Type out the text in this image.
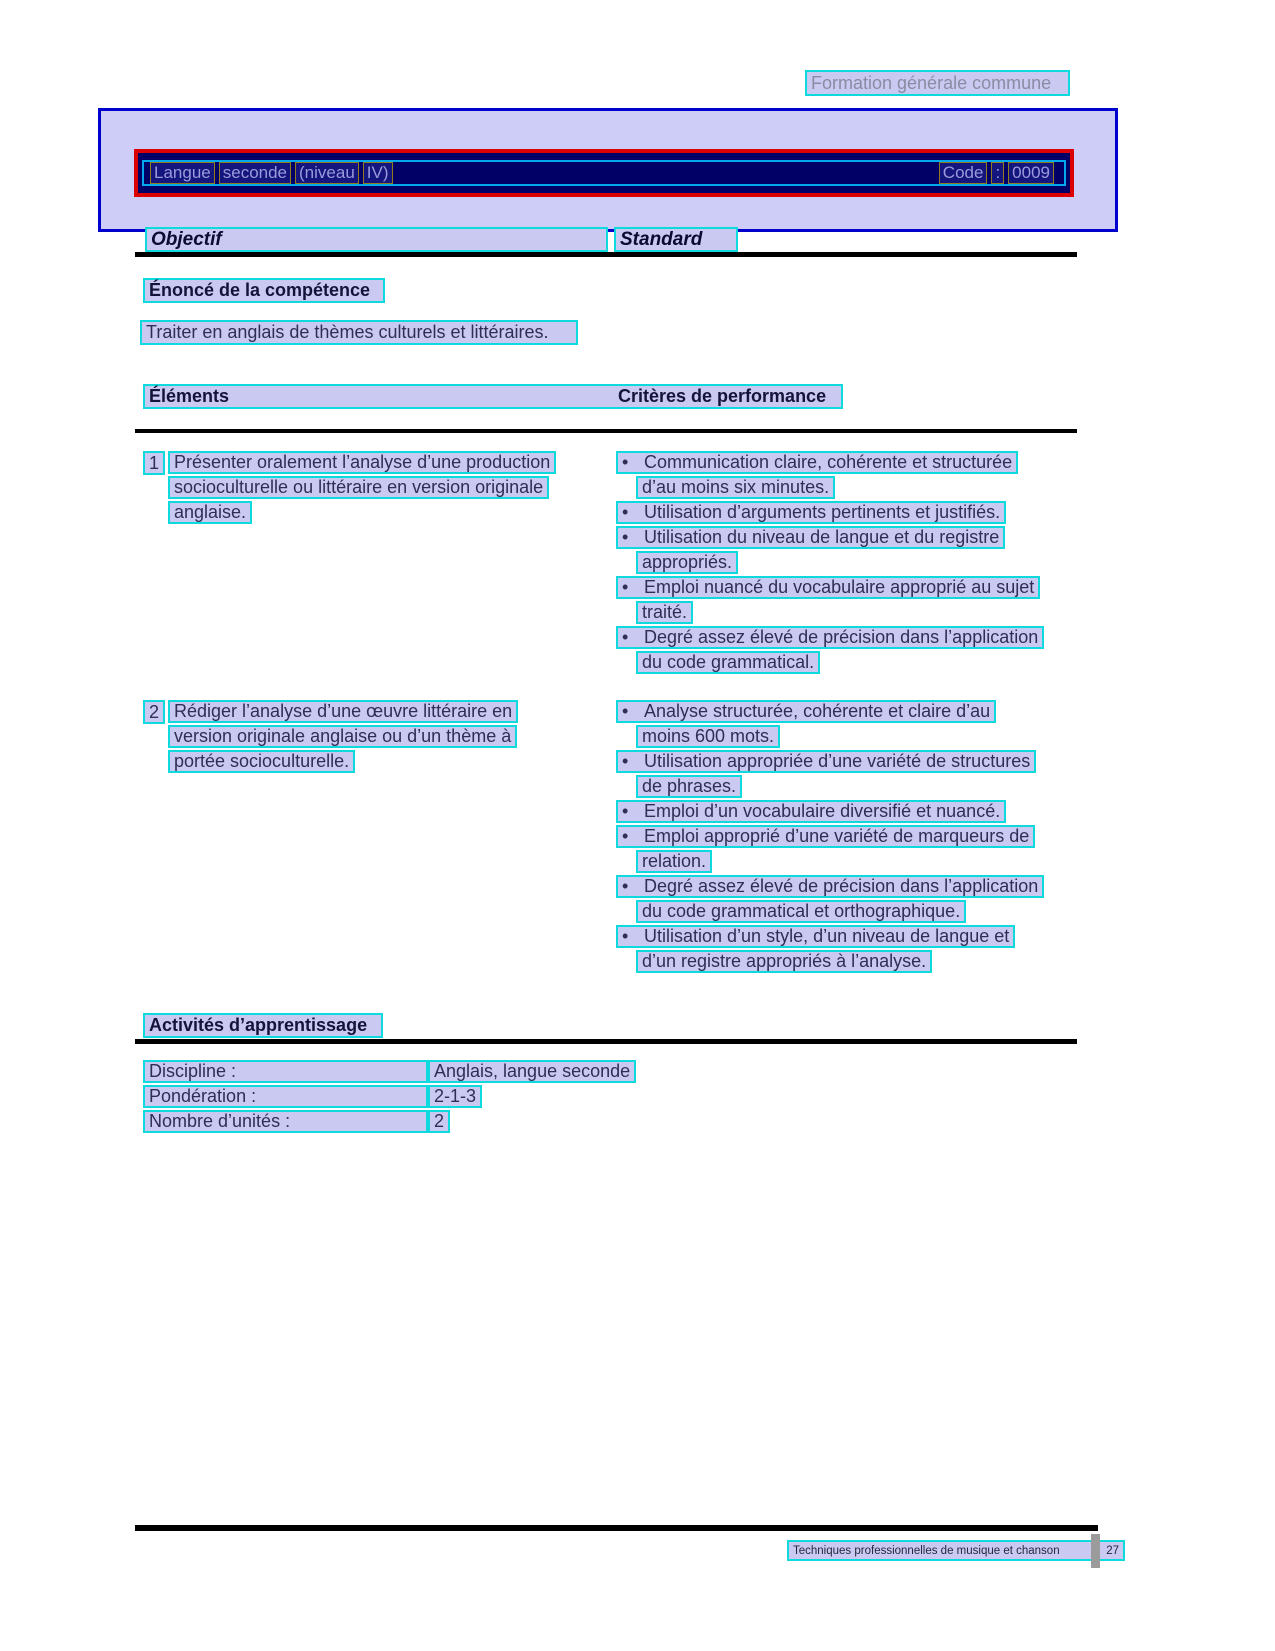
Formation générale commune
Langue seconde (niveau IV)	Code : 0009
Objectif	Standard
Énoncé de la compétence
Traiter en anglais de thèmes culturels et littéraires.
Éléments	Critères de performance
1 Présenter oralement l’analyse d’une production
socioculturelle ou littéraire en version originale
anglaise.
• Communication claire, cohérente et structurée
d’au moins six minutes.
• Utilisation d’arguments pertinents et justifiés.
• Utilisation du niveau de langue et du registre
appropriés.
• Emploi nuancé du vocabulaire approprié au sujet
traité.
• Degré assez élevé de précision dans l’application
du code grammatical.
2 Rédiger l’analyse d’une œuvre littéraire en
version originale anglaise ou d’un thème à
portée socioculturelle.
• Analyse structurée, cohérente et claire d’au
moins 600 mots.
• Utilisation appropriée d’une variété de structures
de phrases.
• Emploi d’un vocabulaire diversifié et nuancé.
• Emploi approprié d’une variété de marqueurs de
relation.
• Degré assez élevé de précision dans l’application
du code grammatical et orthographique.
• Utilisation d’un style, d’un niveau de langue et
d’un registre appropriés à l’analyse.
Activités d’apprentissage
Discipline :	Anglais, langue seconde
Pondération :	2-1-3
Nombre d’unités :	2
Techniques professionnelles de musique et chanson	27
